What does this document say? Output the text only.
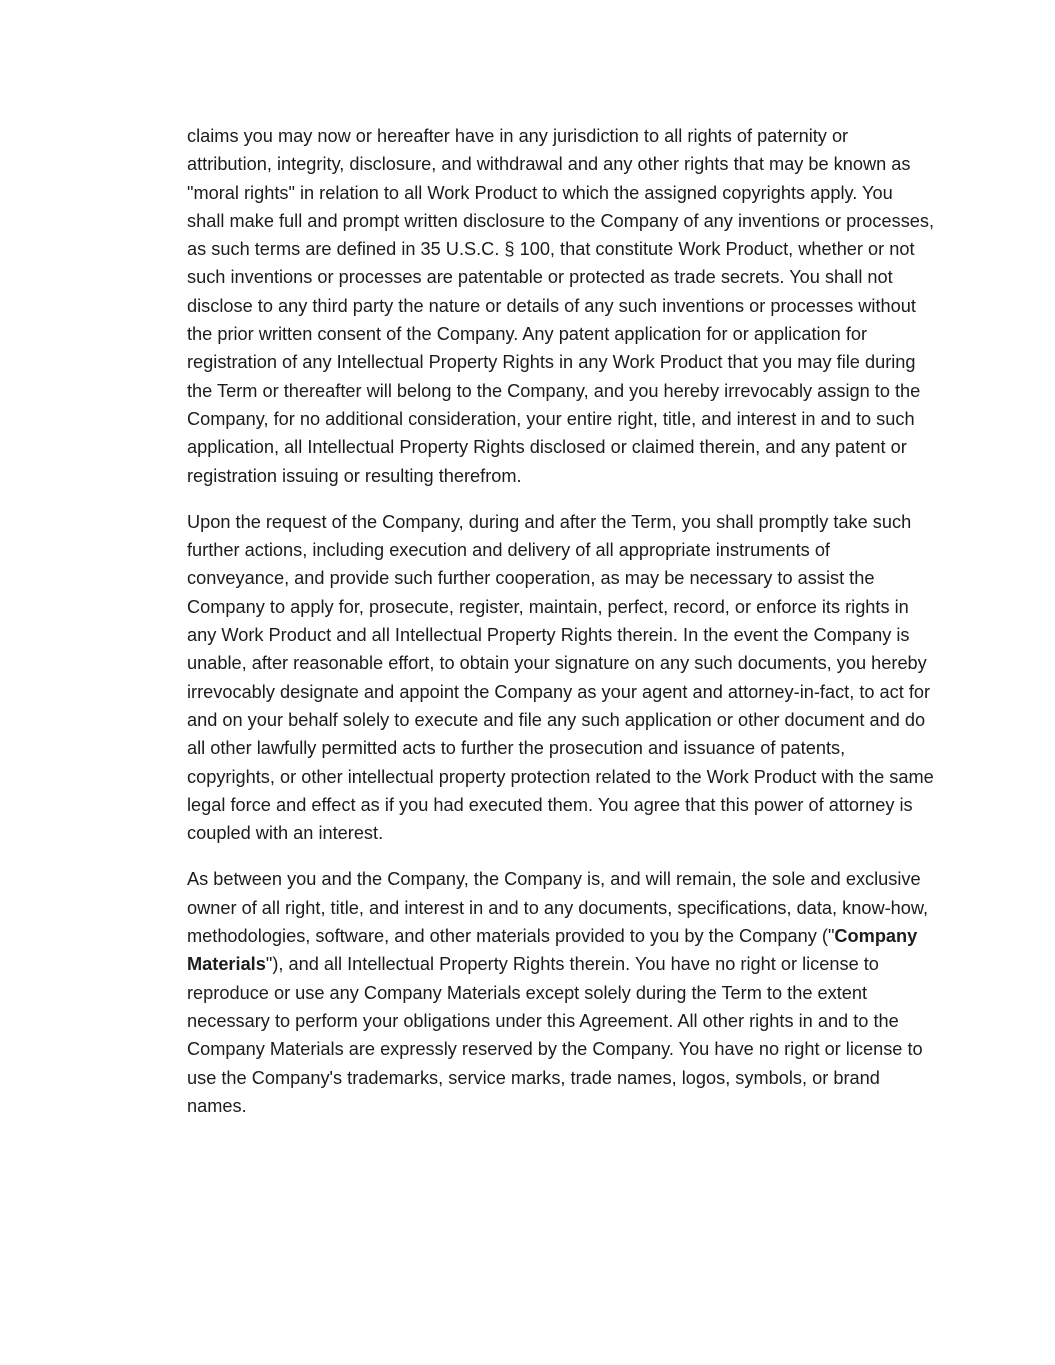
claims you may now or hereafter have in any jurisdiction to all rights of paternity or attribution, integrity, disclosure, and withdrawal and any other rights that may be known as "moral rights" in relation to all Work Product to which the assigned copyrights apply. You shall make full and prompt written disclosure to the Company of any inventions or processes, as such terms are defined in 35 U.S.C. § 100, that constitute Work Product, whether or not such inventions or processes are patentable or protected as trade secrets. You shall not disclose to any third party the nature or details of any such inventions or processes without the prior written consent of the Company. Any patent application for or application for registration of any Intellectual Property Rights in any Work Product that you may file during the Term or thereafter will belong to the Company, and you hereby irrevocably assign to the Company, for no additional consideration, your entire right, title, and interest in and to such application, all Intellectual Property Rights disclosed or claimed therein, and any patent or registration issuing or resulting therefrom.

Upon the request of the Company, during and after the Term, you shall promptly take such further actions, including execution and delivery of all appropriate instruments of conveyance, and provide such further cooperation, as may be necessary to assist the Company to apply for, prosecute, register, maintain, perfect, record, or enforce its rights in any Work Product and all Intellectual Property Rights therein. In the event the Company is unable, after reasonable effort, to obtain your signature on any such documents, you hereby irrevocably designate and appoint the Company as your agent and attorney-in-fact, to act for and on your behalf solely to execute and file any such application or other document and do all other lawfully permitted acts to further the prosecution and issuance of patents, copyrights, or other intellectual property protection related to the Work Product with the same legal force and effect as if you had executed them. You agree that this power of attorney is coupled with an interest.

As between you and the Company, the Company is, and will remain, the sole and exclusive owner of all right, title, and interest in and to any documents, specifications, data, know-how, methodologies, software, and other materials provided to you by the Company ("Company Materials"), and all Intellectual Property Rights therein. You have no right or license to reproduce or use any Company Materials except solely during the Term to the extent necessary to perform your obligations under this Agreement. All other rights in and to the Company Materials are expressly reserved by the Company. You have no right or license to use the Company's trademarks, service marks, trade names, logos, symbols, or brand names.
